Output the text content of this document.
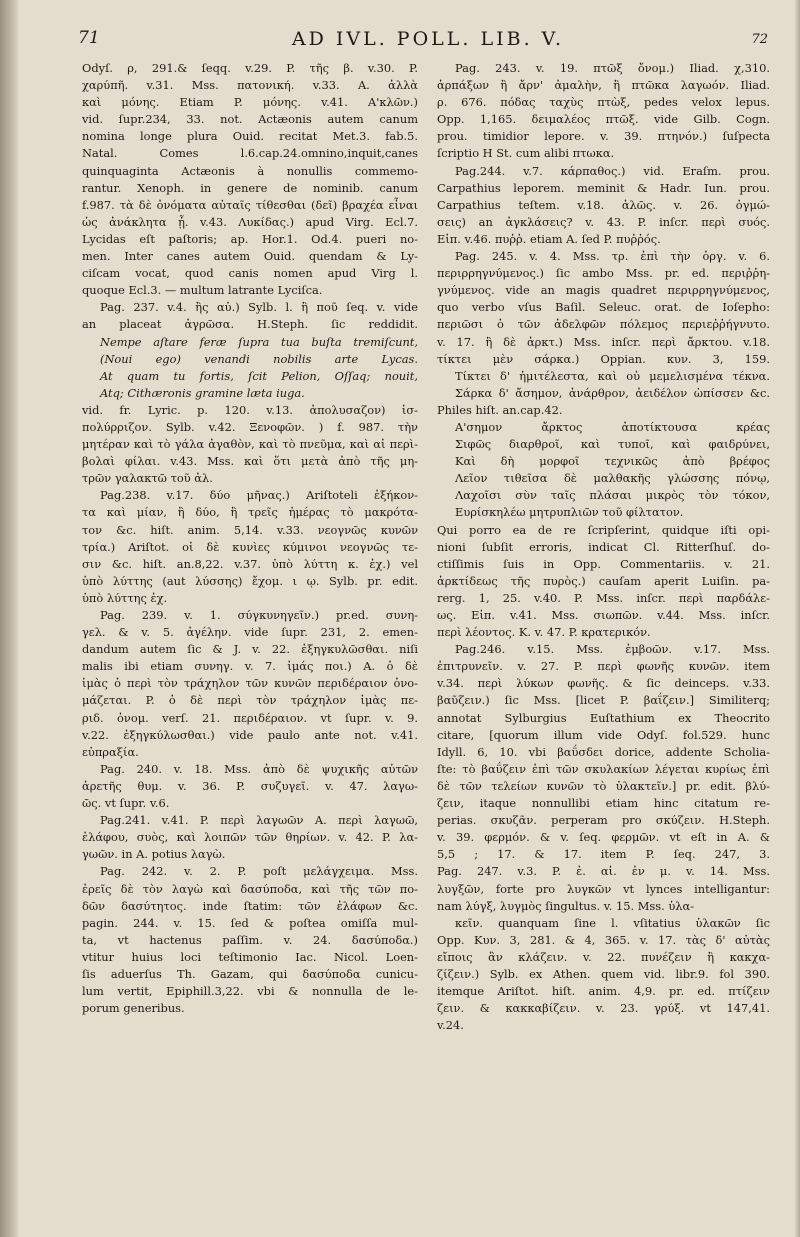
71	AD IVL. POLL. LIB. V.	72
Odyſ. ρ, 291.& ſeqq. v.29. P. τῆς β. v.30. P.
χαρύπῆ. v.31. Mss. πατονική. v.33. A. ἀλλὰ
καὶ μόνης. Etiam P. μόνης. v.41. Α'κλῶν.)
vid. ſupr.234, 33. not. Actæonis autem canum
nomina longe plura Ouid. recitat Met.3. fab.5.
Natal. Comes l.6.cap.24.omnino,inquit,canes
quinquaginta Actæonis à nonullis commemo-
rantur. Xenoph. in genere de nominib. canum
f.987. τὰ δὲ ὀνόματα αὐταῖς τίθεσθαι (δεῖ) βραχέα εἶναι
ὡς ἀνάκλητα ᾖ. v.43. Λυκίδας.) apud Virg. Ecl.7.
Lycidas eſt paſtoris; ap. Hor.1. Od.4. pueri no-
men. Inter canes autem Ouid. quendam & Ly-
ciſcam vocat, quod canis nomen apud Virg l.
quoque Ecl.3. — multum latrante Lyciſca.
Pag. 237. v.4. ἢς αὐ.) Sylb. l. ἢ ποῦ ſeq. v. vide
an placeat ἀγρῶσα. H.Steph. ſic reddidit.
Nempe aſtare feræ ſupra tua buſta tremiſcunt,
(Noui ego) venandi nobilis arte Lycas.
At quam tu fortis, ſcit Pelion, Oſſaq; nouit,
Atq; Cithæronis gramine læta iuga.
vid. fr. Lyric. p. 120. v.13. ἀπολυσαζον) ἰσ-
πολύρριζον. Sylb. v.42. Ξενοφῶν. ) f. 987. τὴν
μητέραν καὶ τὸ γάλα ἀγαθὸν, καὶ τὸ πνεῦμα, καὶ αἱ περὶ-
βολαὶ φίλαι. v.43. Mss. καὶ ὅτι μετὰ ἀπὸ τῆς μη-
τρῶν γαλακτῶ τοῦ ἀλ.
Pag.238. v.17. δύο μῆνας.) Ariſtoteli ἐξήκον-
τα καὶ μίαν, ἢ δύο, ἢ τρεῖς ἡμέρας τὸ μακρότα-
τον &c. hiſt. anim. 5,14. v.33. νεογνῶς κυνῶν
τρία.) Ariſtot. οἱ δὲ κυνὶες κύμινοι νεογνῶς τε-
σιν &c. hiſt. an.8,22. v.37. ὑπὸ λύττη κ. ἐχ.) vel
ὑπὸ λύττης (aut λύσσης) ἔχομ. ι ῳ. Sylb. pr. edit.
ὑπὸ λύττης ἐχ.
Pag. 239. v. 1. σύγκυνηγεῖν.) pr.ed. συνη-
γελ. & v. 5. ἀγέλην. vide ſupr. 231, 2. emen-
dandum autem ſic & J. v. 22. ἐξηγκυλῶσθαι. niſi
malis ibi etiam συνηγ. v. 7. ἰμάς ποι.) A. ὁ δὲ
ἱμὰς ὁ περὶ τὸν τράχηλον τῶν κυνῶν περιδέραιον ὀνο-
μάζεται. P. ὁ δὲ περὶ τὸν τράχηλον ἱμὰς πε-
ριδ. ὀνομ. verſ. 21. περιδέραιον. vt ſupr. v. 9.
v.22. ἐξηγκύλωσθαι.) vide paulo ante not. v.41.
εὐπραξία.
Pag. 240. v. 18. Mss. ἀπὸ δὲ ψυχικῆς αὐτῶν
ἀρετῆς θυμ. v. 36. P. συζυγεῖ. v. 47. λαγω-
ῶς. vt ſupr. v.6.
Pag.241. v.41. P. περὶ λαγωῶν A. περὶ λαγωῶ,
ἐλάφου, συὸς, καὶ λοιπῶν τῶν θηρίων. v. 42. P. λα-
γωῶν. in A. potius λαγὼ.
Pag. 242. v. 2. P. poſt μελάγχειμα. Mss.
ἐρεῖς δὲ τὸν λαγὼ καὶ δασύποδα, καὶ τῆς τῶν πο-
δῶν δασύτητος. inde ſtatim: τῶν ἐλάφων &c.
pagin. 244. v. 15. ſed & poſtea omiſſa mul-
ta, vt hactenus paſſim. v. 24. δασύποδα.)
vtitur huius loci teſtimonio Iac. Nicol. Loen-
ſis aduerſus Th. Gazam, qui δασύποδα cunicu-
lum vertit, Epiphill.3,22. vbi & nonnulla de le-
porum generibus.
Pag. 243. v. 19. πτῶξ ὄνομ.) Iliad. χ,310.
ἁρπάξων ἢ ἄρν' ἀμαλὴν, ἢ πτῶκα λαγωόν. Iliad.
ρ. 676. πόδας ταχὺς πτὼξ, pedes velox lepus.
Opp. 1,165. δειμαλέος πτῶξ. vide Gilb. Cogn.
prou. timidior lepore. v. 39. πτηνόν.) ſuſpecta
ſcriptio H St. cum alibi πτωκα.
Pag.244. v.7. κάρπαθος.) vid. Eraſm. prou.
Carpathius leporem. meminit & Hadr. Iun. prou.
Carpathius teſtem. v.18. ἀλῶς. v. 26. ὀγμώ-
σεις) an ἀγκλάσεις? v. 43. P. inſcr. περὶ συός.
Εἰπ. v.46. πυῤῥ. etiam A. ſed P. πυῤῥός.
Pag. 245. v. 4. Mss. τρ. ἐπὶ τὴν ὀργ. v. 6.
περιρρηγνύμενος.) ſic ambo Mss. pr. ed. περιῤῥη-
γνύμενος. vide an magis quadret περιρρηγνύμενος,
quo verbo vſus Baſil. Seleuc. orat. de Ioſepho:
περιῶσι ὁ τῶν ἀδελφῶν πόλεμος περιεῤῥήγνυτο.
v. 17. ἢ δὲ ἀρκτ.) Mss. inſcr. περὶ ἄρκτου. v.18.
τίκτει μὲν σάρκα.) Oppian. κυν. 3, 159.
Τίκτει δ' ἠμιτέλεστα, καὶ οὐ μεμελισμένα τέκνα.
Σάρκα δ' ἄσημον, ἀνάρθρον, ἀειδέλον ὠπίσσεν &c.
Philes hiſt. an.cap.42.
Α'σημον ἄρκτος ἀποτίκτουσα κρέας
Σιφῶς διαρθροῖ, καὶ τυποῖ, καὶ φαιδρύνει,
Καὶ δὴ μορφοῖ τεχνικῶς ἀπὸ βρέφος
Λεῖον τιθεῖσα δὲ μαλθακῆς γλώσσης πόνῳ,
Λαχοῖσι σὺν ταῖς πλάσαι μικρὸς τὸν τόκον,
Ευρίσκηλέω μητρυπλιῶν τοῦ φίλτατον.
Qui porro ea de re ſcripſerint, quidque iſti opi-
nioni ſubſit erroris, indicat Cl. Ritterſhuſ. do-
ctiſſimis ſuis in Opp. Commentariis. v. 21.
ἀρκτίδεως τῆς πυρὸς.) cauſam aperit Luiſin. pa-
rerg. 1, 25. v.40. P. Mss. inſcr. περὶ παρδάλε-
ως. Εἰπ. v.41. Mss. σιωπῶν. v.44. Mss. inſcr.
περὶ λέοντος. K. v. 47. P. κρατερικόν.
Pag.246. v.15. Mss. ἐμβοῶν. v.17. Mss.
ἐπιτρυνεῖν. v. 27. P. περὶ φωνῆς κυνῶν. item
v.34. περὶ λύκων φωνῆς. & ſic deinceps. v.33.
βαῦζειν.) ſic Mss. [licet P. βαΐζειν.] Similiterq;
annotat Sylburgius Euſtathium ex Theocrito
citare, [quorum illum vide Odyſ. fol.529. hunc
Idyll. 6, 10. vbi βαΰσδει dorice, addente Scholia-
ſte: τὸ βαΰζειν ἐπὶ τῶν σκυλακίων λέγεται κυρίως ἐπὶ
δὲ τῶν τελείων κυνῶν τὸ ὑλακτεῖν.] pr. edit. βλύ-
ζειν, itaque nonnullibi etiam hinc citatum re-
perias. σκυζᾶν. perperam pro σκύζειν. H.Steph.
v. 39. φερμόν. & v. ſeq. φερμῶν. vt eſt in A. &
5,5 ; 17. & 17. item P. ſeq. 247, 3.
Pag. 247. v.3. P. ἐ. αἰ. ἐν μ. v. 14. Mss.
λυγξῶν, forte pro λυγκῶν vt lynces intelligantur:
nam λύγξ, λυγμὸς ſingultus. v. 15. Mss. ὑλα-
κεῖν. quanquam ſine l. vſitatius ὑλακῶν ſic
Opp. Κυν. 3, 281. & 4, 365. v. 17. τὰς δ' αὐτὰς
εἴποις ἂν κλάζειν. v. 22. πυνέζειν ἢ κακχα-
ζίζειν.) Sylb. ex Athen. quem vid. libr.9. fol 390.
itemque Ariſtot. hiſt. anim. 4,9. pr. ed. πτίζειν
ζειν. & κακκαβίζειν. v. 23. γρύξ. vt 147,41.
v.24.
